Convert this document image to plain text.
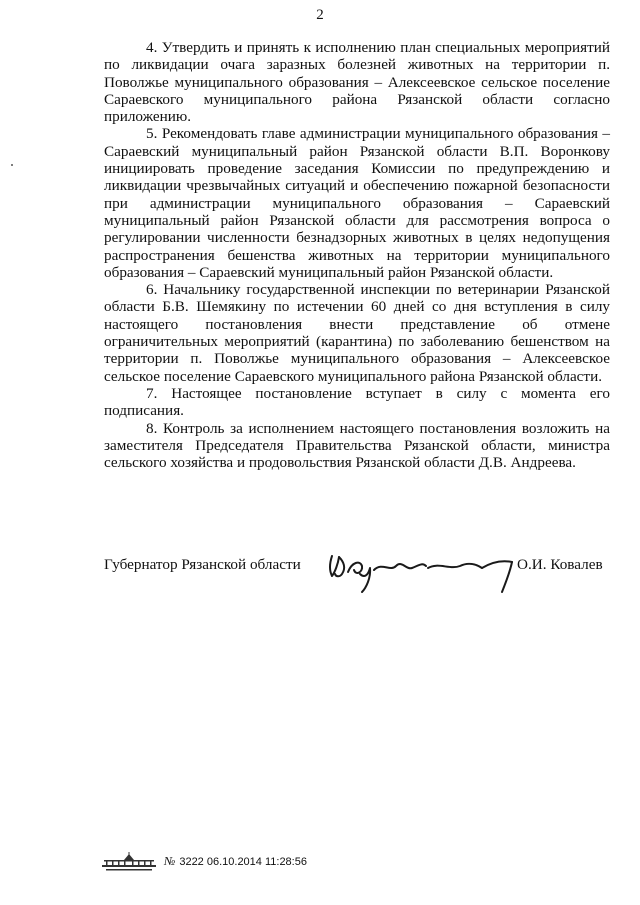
2

4. Утвердить и принять к исполнению план специальных мероприятий по ликвидации очага заразных болезней животных на территории п. Поволжье муниципального образования – Алексеевское сельское поселение Сараевского муниципального района Рязанской области согласно приложению.

5. Рекомендовать главе администрации муниципального образования – Сараевский муниципальный район Рязанской области В.П. Воронкову инициировать проведение заседания Комиссии по предупреждению и ликвидации чрезвычайных ситуаций и обеспечению пожарной безопасности при администрации муниципального образования – Сараевский муниципальный район Рязанской области для рассмотрения вопроса о регулировании численности безнадзорных животных в целях недопущения распространения бешенства животных на территории муниципального образования – Сараевский муниципальный район Рязанской области.

6. Начальнику государственной инспекции по ветеринарии Рязанской области Б.В. Шемякину по истечении 60 дней со дня вступления в силу настоящего постановления внести представление об отмене ограничительных мероприятий (карантина) по заболеванию бешенством на территории п. Поволжье муниципального образования – Алексеевское сельское поселение Сараевского муниципального района Рязанской области.

7. Настоящее постановление вступает в силу с момента его подписания.

8. Контроль за исполнением настоящего постановления возложить на заместителя Председателя Правительства Рязанской области, министра сельского хозяйства и продовольствия Рязанской области Д.В. Андреева.

Губернатор Рязанской области	О.И. Ковалев
№ 3222 06.10.2014 11:28:56
